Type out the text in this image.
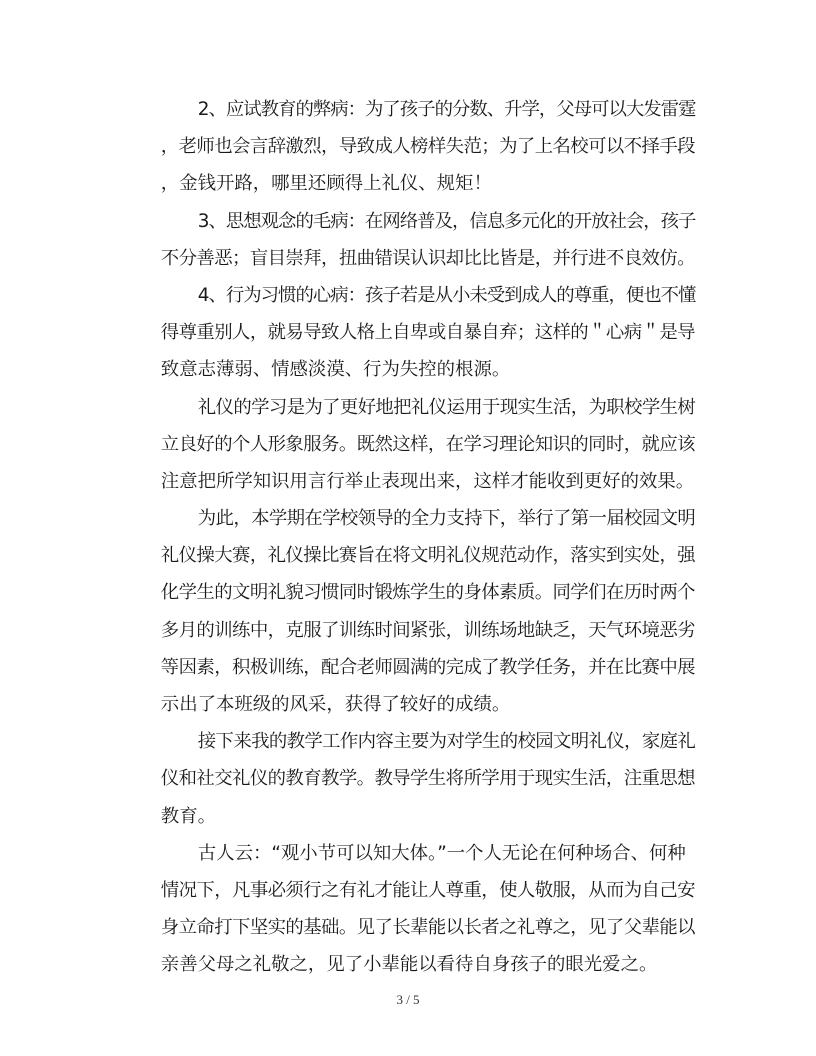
2、应试教育的弊病：为了孩子的分数、升学，父母可以大发雷霆
，老师也会言辞激烈，导致成人榜样失范；为了上名校可以不择手段
，金钱开路，哪里还顾得上礼仪、规矩！
3、思想观念的毛病：在网络普及，信息多元化的开放社会，孩子
不分善恶；盲目崇拜，扭曲错误认识却比比皆是，并行进不良效仿。
4、行为习惯的心病：孩子若是从小未受到成人的尊重，便也不懂
得尊重别人，就易导致人格上自卑或自暴自弃；这样的＂心病＂是导
致意志薄弱、情感淡漠、行为失控的根源。
礼仪的学习是为了更好地把礼仪运用于现实生活，为职校学生树
立良好的个人形象服务。既然这样，在学习理论知识的同时，就应该
注意把所学知识用言行举止表现出来，这样才能收到更好的效果。
为此，本学期在学校领导的全力支持下，举行了第一届校园文明
礼仪操大赛，礼仪操比赛旨在将文明礼仪规范动作，落实到实处，强
化学生的文明礼貌习惯同时锻炼学生的身体素质。同学们在历时两个
多月的训练中，克服了训练时间紧张，训练场地缺乏，天气环境恶劣
等因素，积极训练，配合老师圆满的完成了教学任务，并在比赛中展
示出了本班级的风采，获得了较好的成绩。
接下来我的教学工作内容主要为对学生的校园文明礼仪，家庭礼
仪和社交礼仪的教育教学。教导学生将所学用于现实生活，注重思想
教育。
古人云：“观小节可以知大体。”一个人无论在何种场合、何种
情况下，凡事必须行之有礼才能让人尊重，使人敬服，从而为自己安
身立命打下坚实的基础。见了长辈能以长者之礼尊之，见了父辈能以
亲善父母之礼敬之，见了小辈能以看待自身孩子的眼光爱之。
3 / 5
